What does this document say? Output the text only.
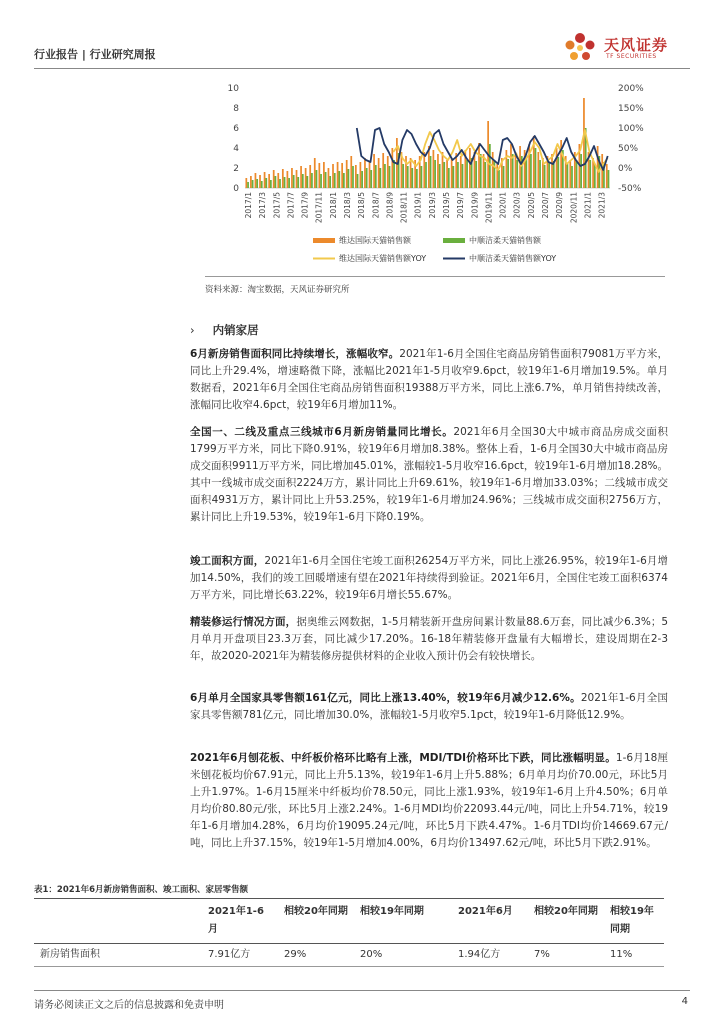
行业报告 | 行业研究周报
天风证券
TF SECURITIES
0
2
4
6
8
10
-50%
0%
50%
100%
150%
200%
2017/1 2017/3 2017/5 2017/7 2017/9 2017/11 2018/1 2018/3 2018/5 2018/7 2018/9 2018/11 2019/1 2019/3 2019/5 2019/7 2019/9 2019/11 2020/1 2020/3 2020/5 2020/7 2020/9 2020/11 2021/1 2021/3
维达国际天猫销售额	中顺洁柔天猫销售额
维达国际天猫销售额YOY	中顺洁柔天猫销售额YOY
资料来源：淘宝数据，天风证券研究所
› 内销家居
6月新房销售面积同比持续增长，涨幅收窄。2021年1-6月全国住宅商品房销售面积79081万平方米，同比上升29.4%，增速略微下降，涨幅比2021年1-5月收窄9.6pct，较19年1-6月增加19.5%。单月数据看，2021年6月全国住宅商品房销售面积19388万平方米，同比上涨6.7%，单月销售持续改善，涨幅同比收窄4.6pct，较19年6月增加11%。
全国一、二线及重点三线城市6月新房销量同比增长。2021年6月全国30大中城市商品房成交面积1799万平方米，同比下降0.91%，较19年6月增加8.38%。整体上看，1-6月全国30大中城市商品房成交面积9911万平方米，同比增加45.01%，涨幅较1-5月收窄16.6pct，较19年1-6月增加18.28%。其中一线城市成交面积2224万方，累计同比上升69.61%，较19年1-6月增加33.03%；二线城市成交面积4931万方，累计同比上升53.25%，较19年1-6月增加24.96%；三线城市成交面积2756万方，累计同比上升19.53%，较19年1-6月下降0.19%。
竣工面积方面，2021年1-6月全国住宅竣工面积26254万平方米，同比上涨26.95%，较19年1-6月增加14.50%，我们的竣工回暖增速有望在2021年持续得到验证。2021年6月，全国住宅竣工面积6374万平方米，同比增长63.22%，较19年6月增长55.67%。
精装修运行情况方面，据奥维云网数据，1-5月精装新开盘房间累计数量88.6万套，同比减少6.3%；5月单月开盘项目23.3万套，同比减少17.20%。16-18年精装修开盘量有大幅增长，建设周期在2-3年，故2020-2021年为精装修房提供材料的企业收入预计仍会有较快增长。
6月单月全国家具零售额161亿元，同比上涨13.40%，较19年6月减少12.6%。2021年1-6月全国家具零售额781亿元，同比增加30.0%，涨幅较1-5月收窄5.1pct，较19年1-6月降低12.9%。
2021年6月刨花板、中纤板价格环比略有上涨，MDI/TDI价格环比下跌，同比涨幅明显。1-6月18厘米刨花板均价67.91元，同比上升5.13%，较19年1-6月上升5.88%；6月单月均价70.00元，环比5月上升1.97%。1-6月15厘米中纤板均价78.50元，同比上涨1.93%，较19年1-6月上升4.50%；6月单月均价80.80元/张，环比5月上涨2.24%。1-6月MDI均价22093.44元/吨，同比上升54.71%，较19年1-6月增加4.28%，6月均价19095.24元/吨，环比5月下跌4.47%。1-6月TDI均价14669.67元/吨，同比上升37.15%，较19年1-5月增加4.00%，6月均价13497.62元/吨，环比5月下跌2.91%。
表1：2021年6月新房销售面积、竣工面积、家居零售额
	2021年1-6月	相较20年同期	相较19年同期	2021年6月	相较20年同期	相较19年同期
新房销售面积	7.91亿方	29%	20%	1.94亿方	7%	11%
请务必阅读正文之后的信息披露和免责申明	4
